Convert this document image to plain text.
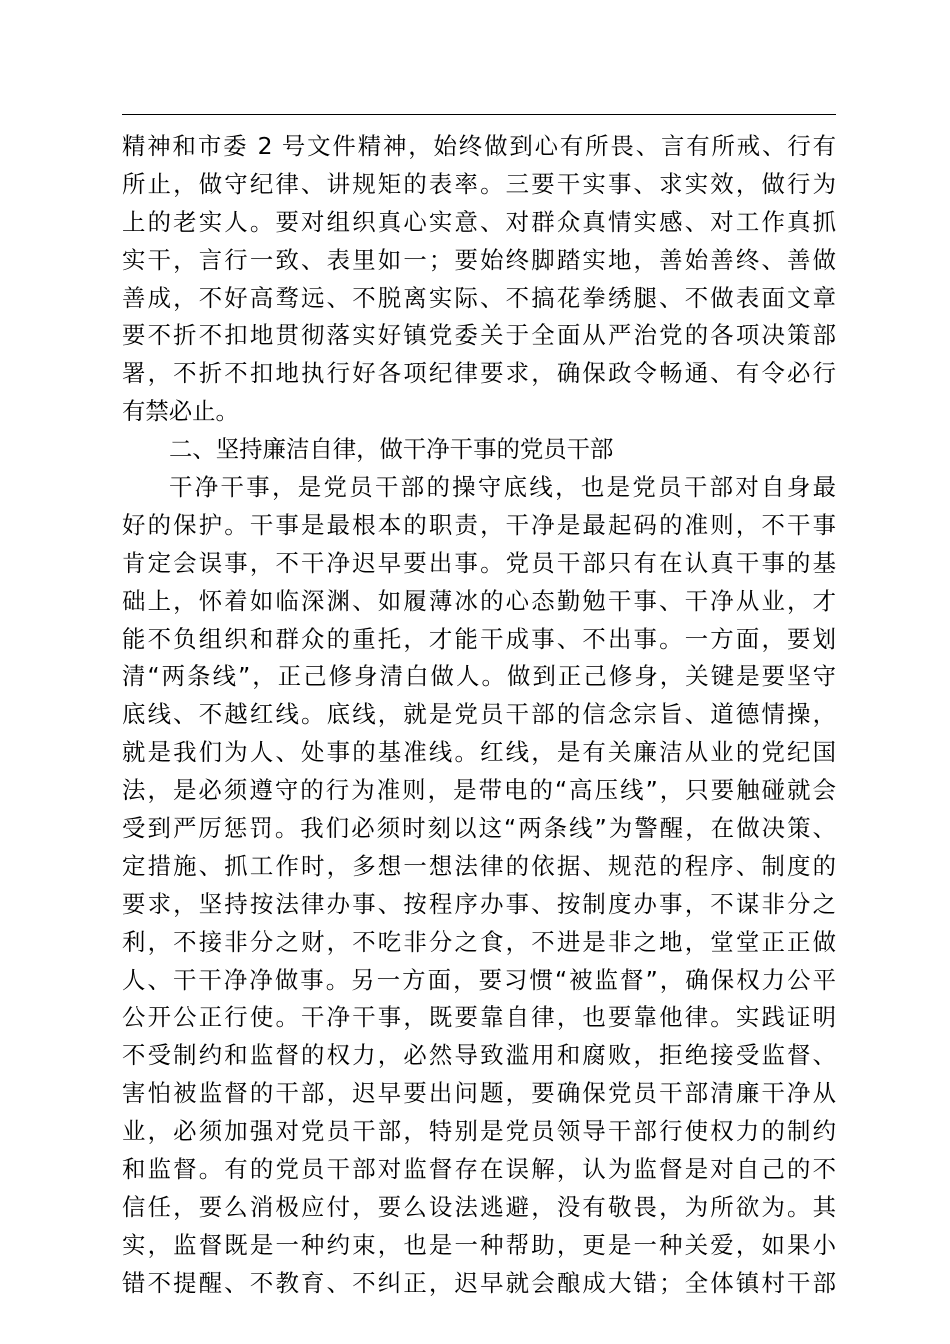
精神和市委 2 号文件精神，始终做到心有所畏、言有所戒、行有
所止，做守纪律、讲规矩的表率。三要干实事、求实效，做行为
上的老实人。要对组织真心实意、对群众真情实感、对工作真抓
实干，言行一致、表里如一；要始终脚踏实地，善始善终、善做
善成，不好高骛远、不脱离实际、不搞花拳绣腿、不做表面文章
要不折不扣地贯彻落实好镇党委关于全面从严治党的各项决策部
署，不折不扣地执行好各项纪律要求，确保政令畅通、有令必行
有禁必止。
二、坚持廉洁自律，做干净干事的党员干部
干净干事，是党员干部的操守底线，也是党员干部对自身最
好的保护。干事是最根本的职责，干净是最起码的准则，不干事
肯定会误事，不干净迟早要出事。党员干部只有在认真干事的基
础上，怀着如临深渊、如履薄冰的心态勤勉干事、干净从业，才
能不负组织和群众的重托，才能干成事、不出事。一方面，要划
清“两条线”，正己修身清白做人。做到正己修身，关键是要坚守
底线、不越红线。底线，就是党员干部的信念宗旨、道德情操，
就是我们为人、处事的基准线。红线，是有关廉洁从业的党纪国
法，是必须遵守的行为准则，是带电的“高压线”，只要触碰就会
受到严厉惩罚。我们必须时刻以这“两条线”为警醒，在做决策、
定措施、抓工作时，多想一想法律的依据、规范的程序、制度的
要求，坚持按法律办事、按程序办事、按制度办事，不谋非分之
利，不接非分之财，不吃非分之食，不进是非之地，堂堂正正做
人、干干净净做事。另一方面，要习惯“被监督”，确保权力公平
公开公正行使。干净干事，既要靠自律，也要靠他律。实践证明
不受制约和监督的权力，必然导致滥用和腐败，拒绝接受监督、
害怕被监督的干部，迟早要出问题，要确保党员干部清廉干净从
业，必须加强对党员干部，特别是党员领导干部行使权力的制约
和监督。有的党员干部对监督存在误解，认为监督是对自己的不
信任，要么消极应付，要么设法逃避，没有敬畏，为所欲为。其
实，监督既是一种约束，也是一种帮助，更是一种关爱，如果小
错不提醒、不教育、不纠正，迟早就会酿成大错；全体镇村干部
